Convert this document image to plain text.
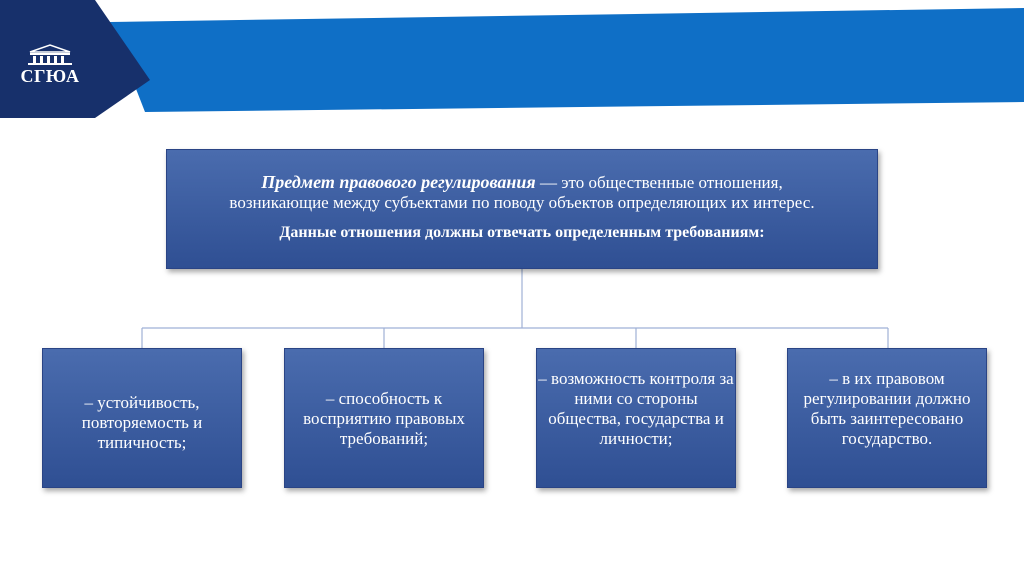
СГЮА
Предмет правового регулирования — это общественные отношения,
возникающие между субъектами по поводу объектов определяющих их интерес.
Данные отношения должны отвечать определенным требованиям:
– устойчивость, повторяемость и типичность;
– способность к восприятию правовых требований;
– возможность контроля за ними со стороны общества, государства и личности;
– в их правовом регулировании должно быть заинтересовано государство.
